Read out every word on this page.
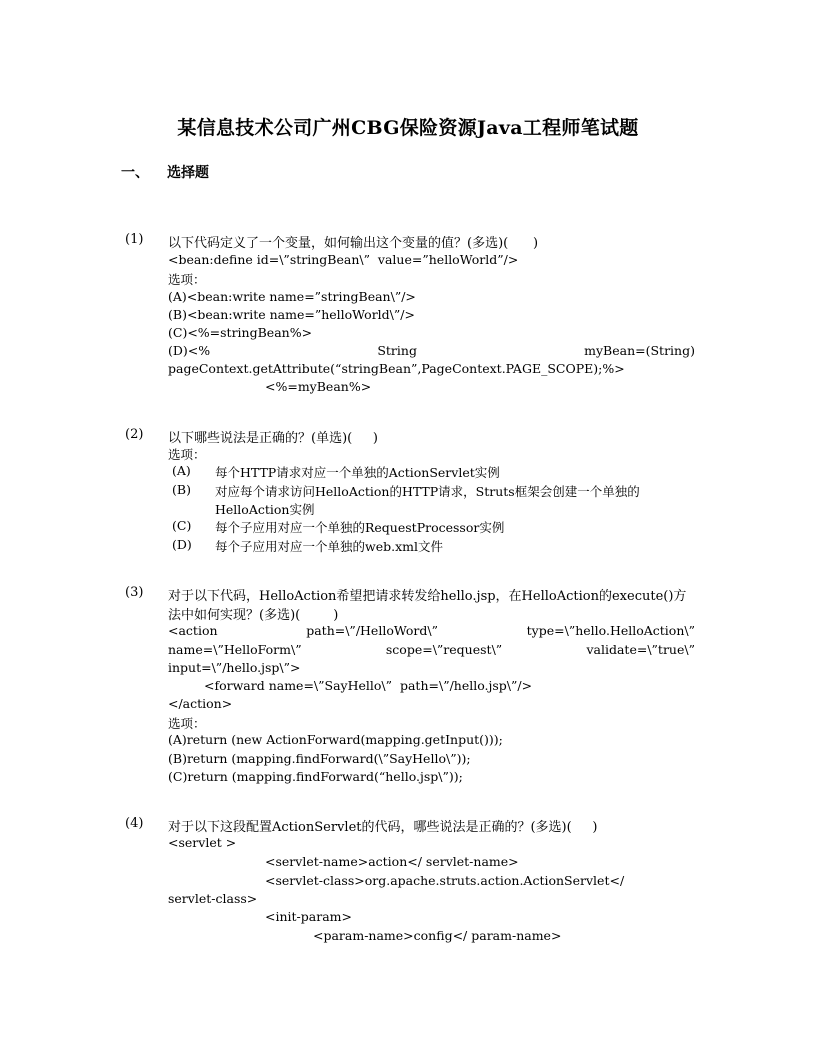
某信息技术公司广州CBG保险资源Java工程师笔试题
一、 选择题
(1) 以下代码定义了一个变量，如何输出这个变量的值？(多选)(      )
<bean:define id=\”stringBean\”  value=”helloWorld”/>
选项：
(A)<bean:write name=”stringBean\”/>
(B)<bean:write name=”helloWorld\”/>
(C)<%=stringBean%>
(D)<%	String	myBean=(String)
pageContext.getAttribute(“stringBean”,PageContext.PAGE_SCOPE);%>
<%=myBean%>
(2) 以下哪些说法是正确的？(单选)(     )
选项：
(A) 每个HTTP请求对应一个单独的ActionServlet实例
(B) 对应每个请求访问HelloAction的HTTP请求，Struts框架会创建一个单独的
HelloAction实例
(C) 每个子应用对应一个单独的RequestProcessor实例
(D) 每个子应用对应一个单独的web.xml文件
(3) 对于以下代码，HelloAction希望把请求转发给hello.jsp，在HelloAction的execute()方
法中如何实现？(多选)(        )
<action	path=\”/HelloWord\”	type=\”hello.HelloAction\”
name=\”HelloForm\”	scope=\”request\”	validate=\”true\”
input=\”/hello.jsp\”>
<forward name=\”SayHello\”  path=\”/hello.jsp\”/>
</action>
选项：
(A)return (new ActionForward(mapping.getInput()));
(B)return (mapping.findForward(\”SayHello\”));
(C)return (mapping.findForward(“hello.jsp\”));
(4) 对于以下这段配置ActionServlet的代码，哪些说法是正确的？(多选)(     )
<servlet >
<servlet-name>action</ servlet-name>
<servlet-class>org.apache.struts.action.ActionServlet</
servlet-class>
<init-param>
<param-name>config</ param-name>
